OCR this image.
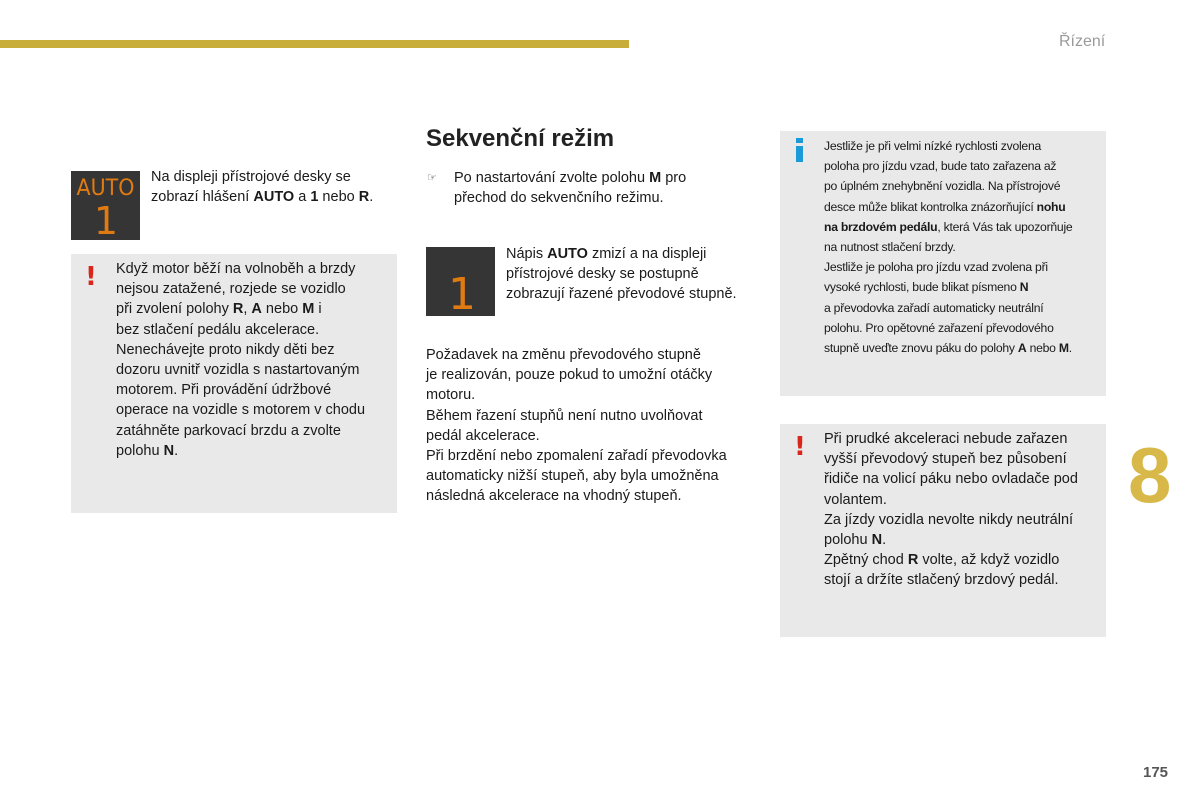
Řízení
175
8
AUTO
1
Na displeji přístrojové desky se
zobrazí hlášení AUTO a 1 nebo R.
! Když motor běží na volnoběh a brzdy
nejsou zatažené, rozjede se vozidlo
při zvolení polohy R, A nebo M i
bez stlačení pedálu akcelerace.
Nenechávejte proto nikdy děti bez
dozoru uvnitř vozidla s nastartovaným
motorem. Při provádění údržbové
operace na vozidle s motorem v chodu
zatáhněte parkovací brzdu a zvolte
polohu N.
Sekvenční režim
☞ Po nastartování zvolte polohu M pro
přechod do sekvenčního režimu.
1
Nápis AUTO zmizí a na displeji
přístrojové desky se postupně
zobrazují řazené převodové stupně.
Požadavek na změnu převodového stupně
je realizován, pouze pokud to umožní otáčky
motoru.
Během řazení stupňů není nutno uvolňovat
pedál akcelerace.
Při brzdění nebo zpomalení zařadí převodovka
automaticky nižší stupeň, aby byla umožněna
následná akcelerace na vhodný stupeň.
Jestliže je při velmi nízké rychlosti zvolena
poloha pro jízdu vzad, bude tato zařazena až
po úplném znehybnění vozidla. Na přístrojové
desce může blikat kontrolka znázorňující nohu
na brzdovém pedálu, která Vás tak upozorňuje
na nutnost stlačení brzdy.
Jestliže je poloha pro jízdu vzad zvolena při
vysoké rychlosti, bude blikat písmeno N
a převodovka zařadí automaticky neutrální
polohu. Pro opětovné zařazení převodového
stupně uveďte znovu páku do polohy A nebo M.
! Při prudké akceleraci nebude zařazen
vyšší převodový stupeň bez působení
řidiče na volicí páku nebo ovladače pod
volantem.
Za jízdy vozidla nevolte nikdy neutrální
polohu N.
Zpětný chod R volte, až když vozidlo
stojí a držíte stlačený brzdový pedál.
